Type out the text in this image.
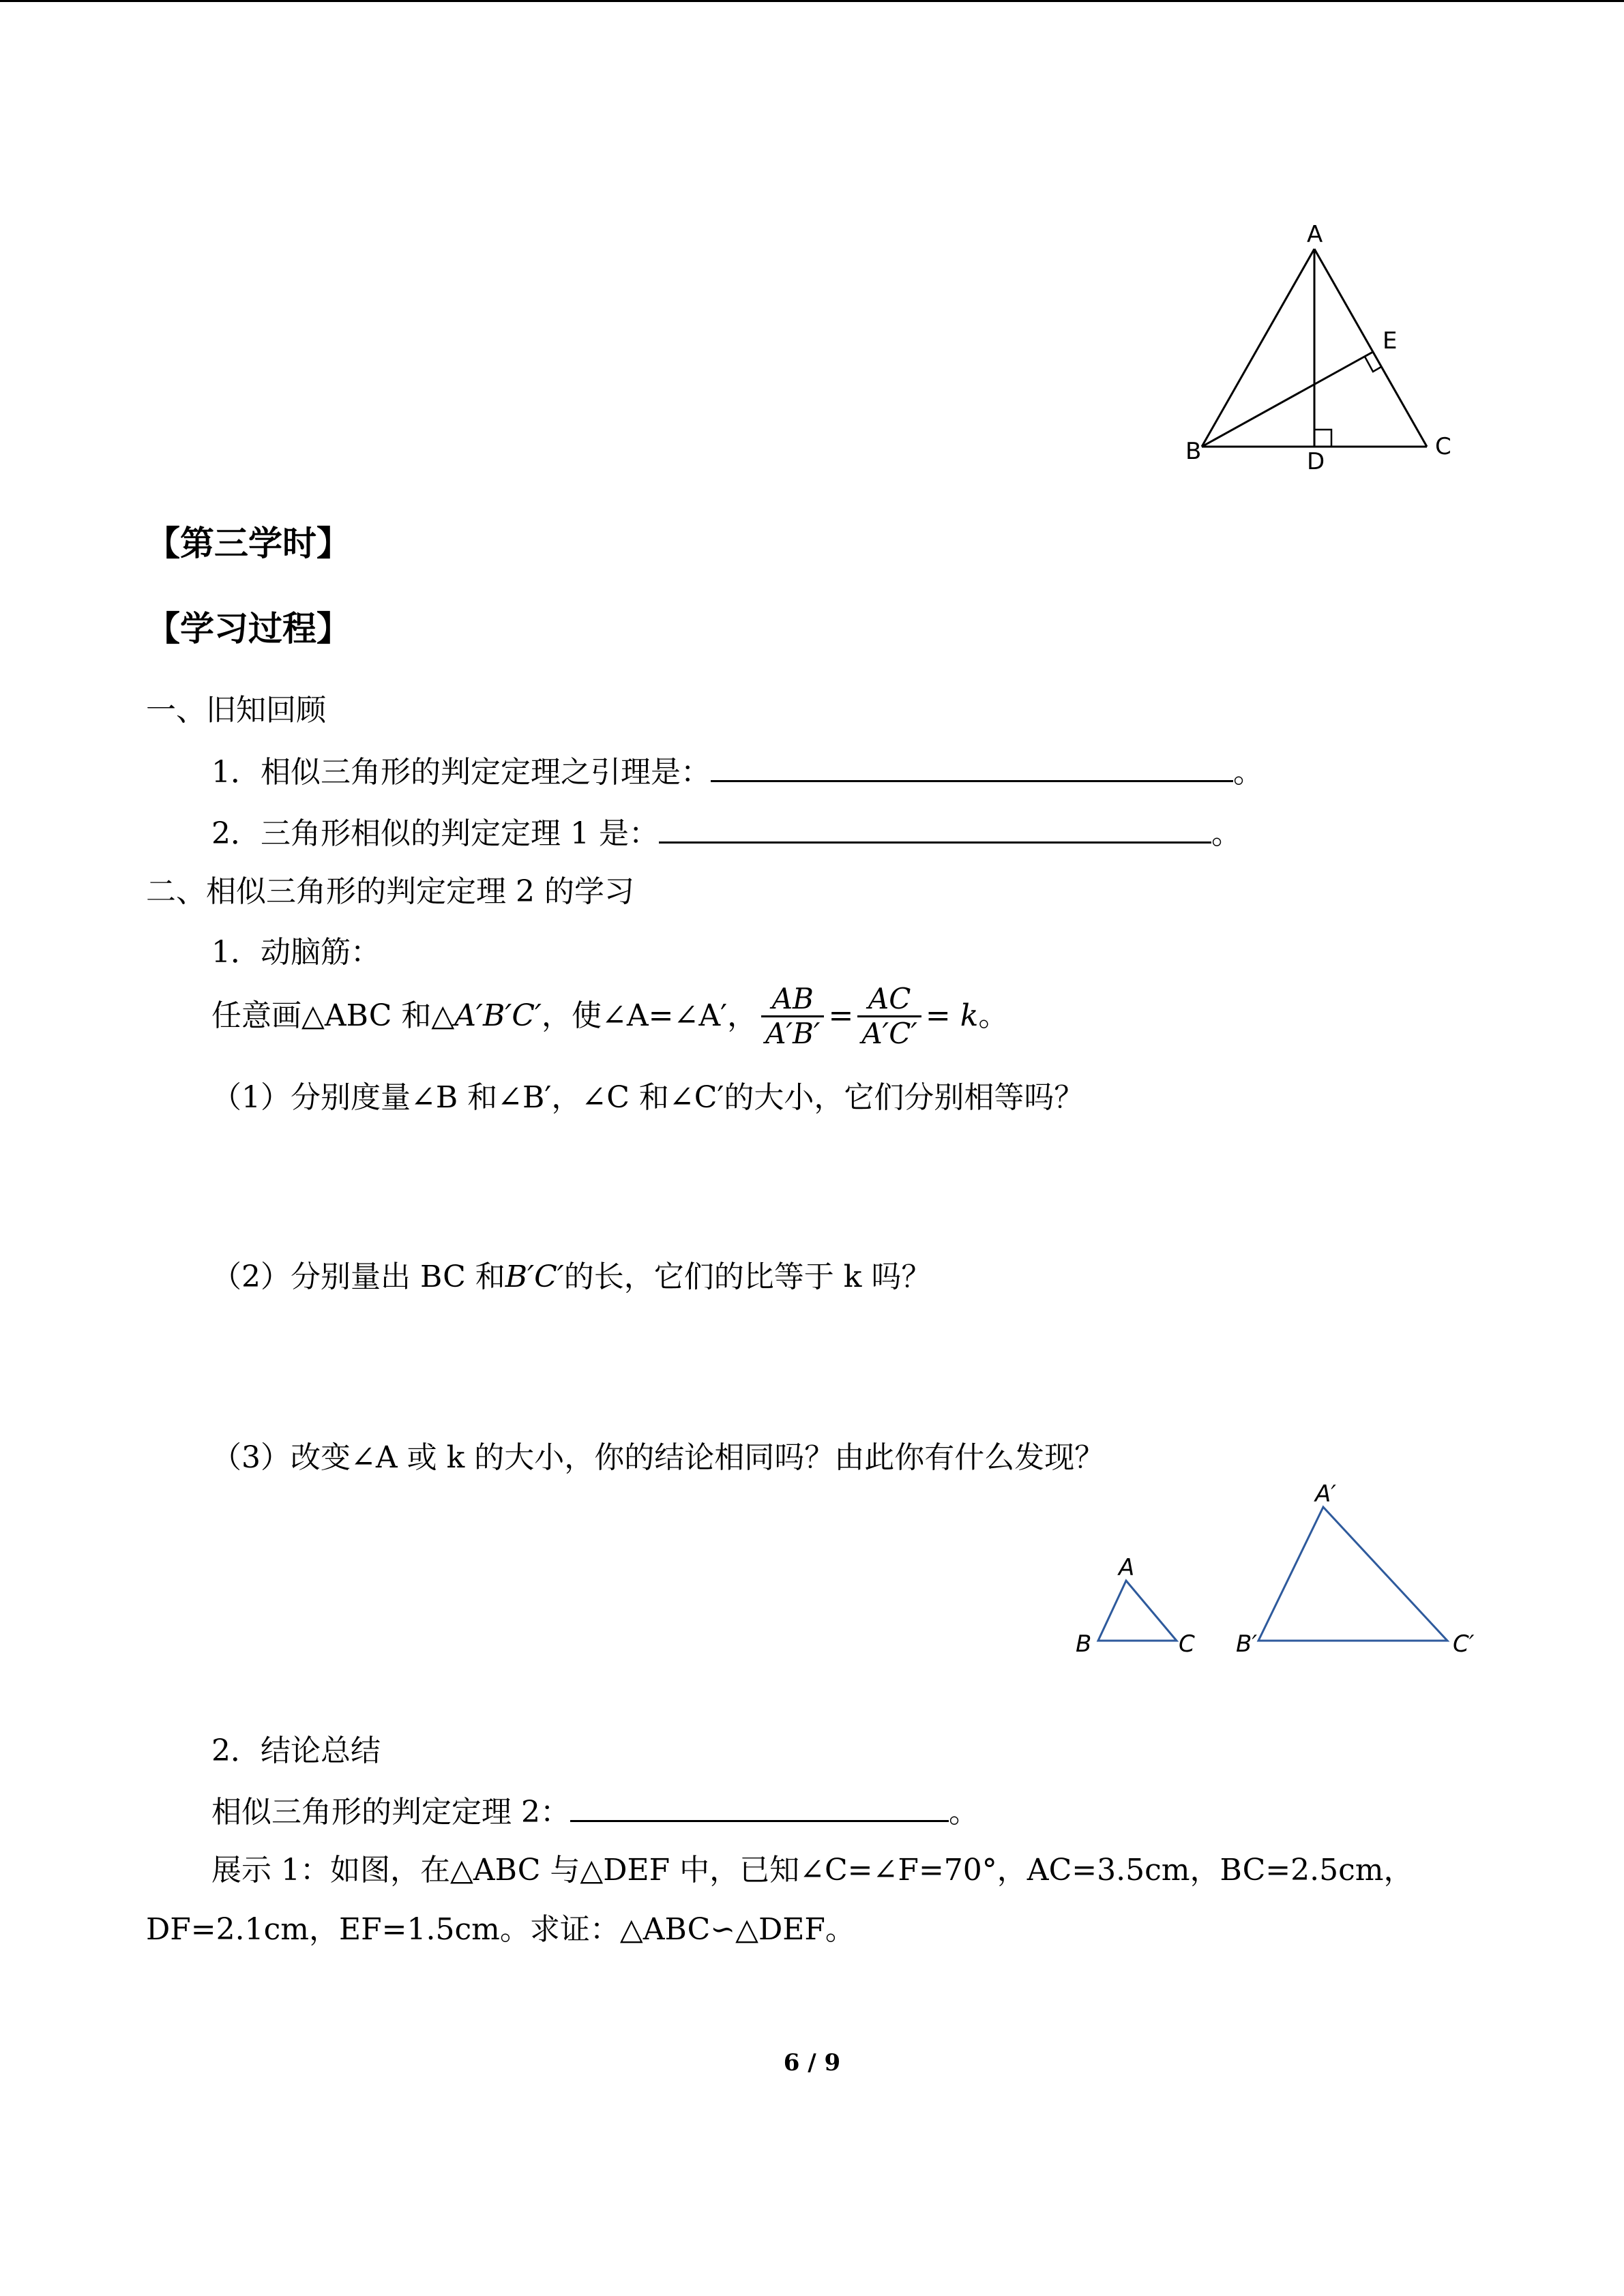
A
B	C
D
E
【第三学时】
【学习过程】
一、旧知回顾
1．相似三角形的判定定理之引理是：	。
2．三角形相似的判定定理 1 是：	。
二、相似三角形的判定定理 2 的学习
1．动脑筋：
任意画△ABC 和△ A′B′C′ ，使∠A=∠A′， $\frac{AB}{A'B'} = \frac{AC}{A'C'} = k$ 。
（1）分别度量∠B 和∠B′，∠C 和∠C′的大小，它们分别相等吗？
（2）分别量出 BC 和B′C′的长，它们的比等于 k 吗？
（3）改变∠A 或 k 的大小，你的结论相同吗？由此你有什么发现？
A
B	C
A′
B′	C′
2．结论总结
相似三角形的判定定理 2：	。
展示 1：如图，在△ABC 与△DEF 中，已知∠C=∠F=70°，AC=3.5cm，BC=2.5cm，
DF=2.1cm，EF=1.5cm。求证：△ABC∽△DEF。
6 / 9
